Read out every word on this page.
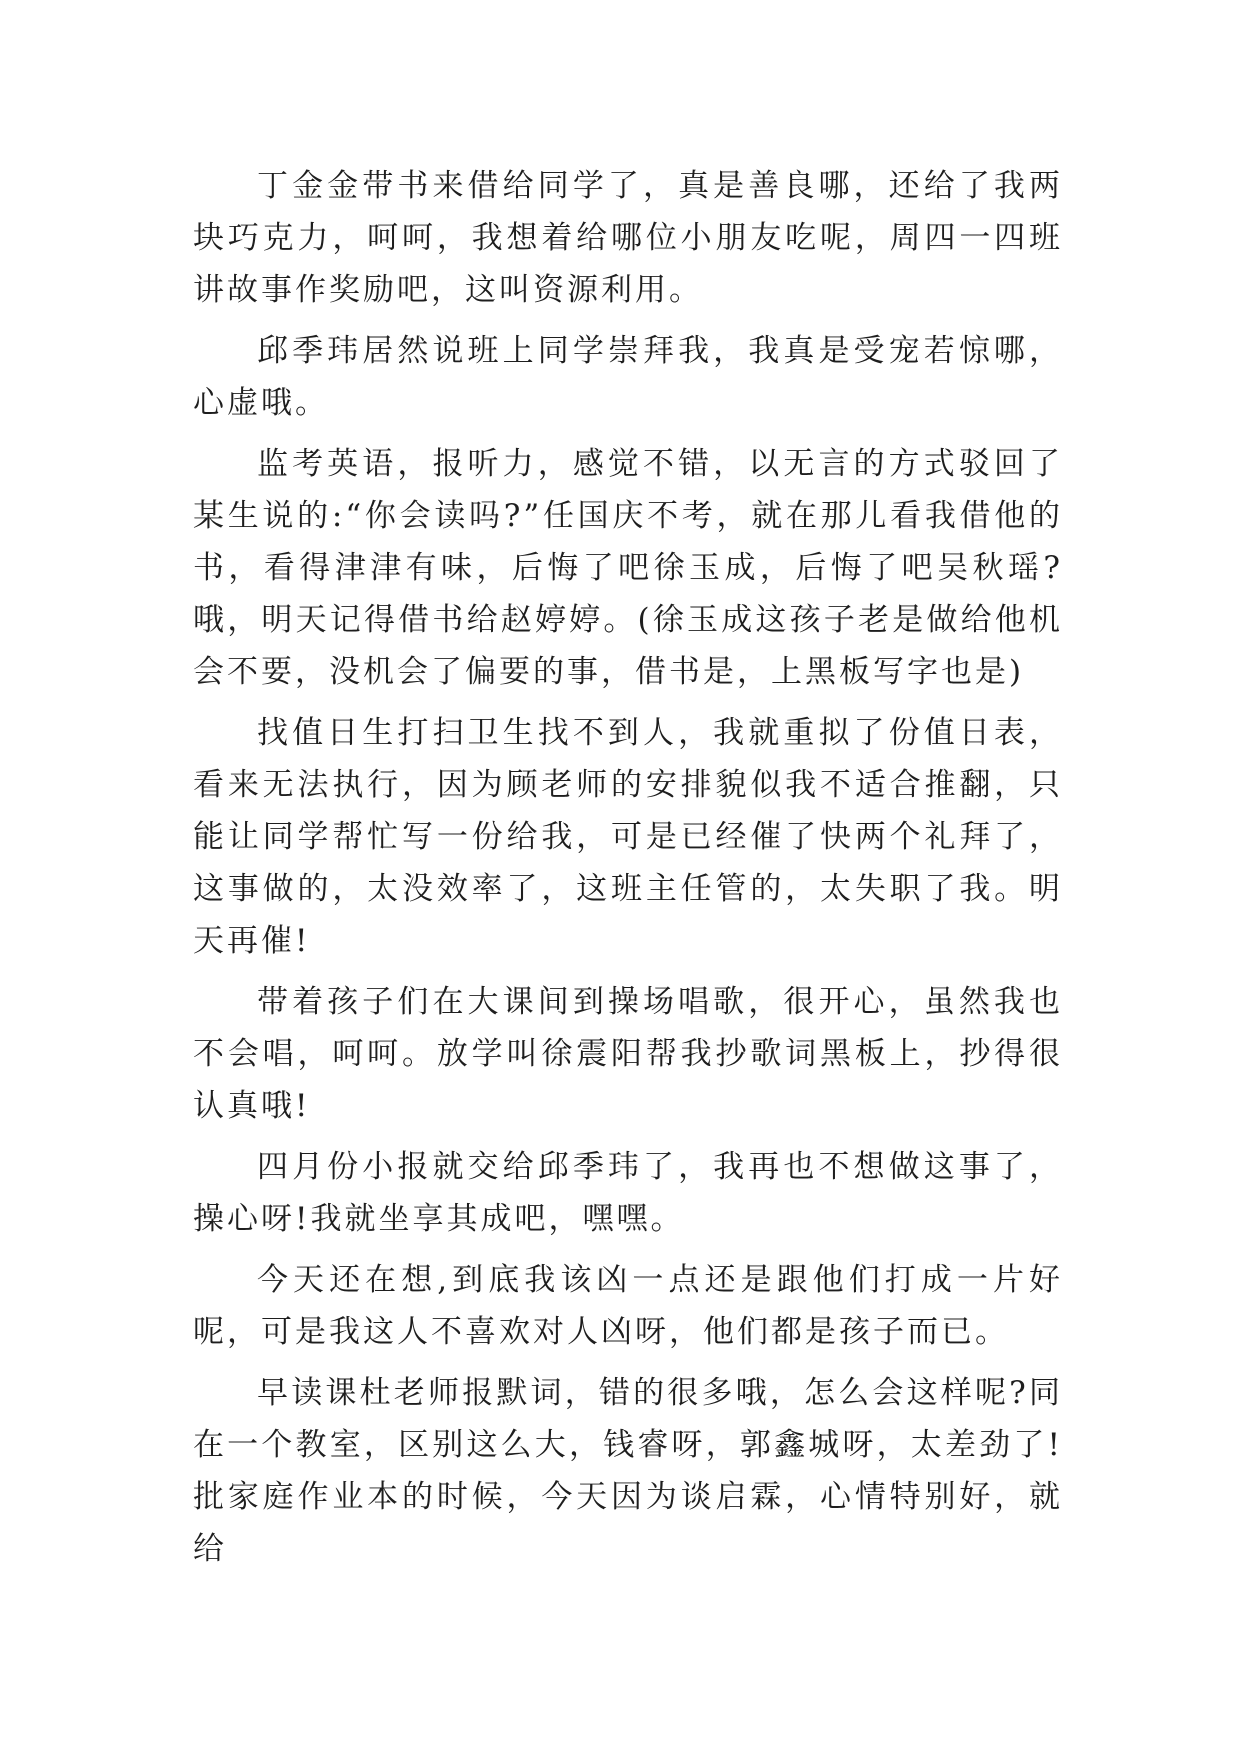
丁金金带书来借给同学了，真是善良哪，还给了我两块巧克力，呵呵，我想着给哪位小朋友吃呢，周四一四班讲故事作奖励吧，这叫资源利用。

邱季玮居然说班上同学崇拜我，我真是受宠若惊哪，心虚哦。

监考英语，报听力，感觉不错，以无言的方式驳回了某生说的:“你会读吗?”任国庆不考，就在那儿看我借他的书，看得津津有味，后悔了吧徐玉成，后悔了吧吴秋瑶?哦，明天记得借书给赵婷婷。(徐玉成这孩子老是做给他机会不要，没机会了偏要的事，借书是，上黑板写字也是)

找值日生打扫卫生找不到人，我就重拟了份值日表，看来无法执行，因为顾老师的安排貌似我不适合推翻，只能让同学帮忙写一份给我，可是已经催了快两个礼拜了，这事做的，太没效率了，这班主任管的，太失职了我。明天再催!

带着孩子们在大课间到操场唱歌，很开心，虽然我也不会唱，呵呵。放学叫徐震阳帮我抄歌词黑板上，抄得很认真哦!

四月份小报就交给邱季玮了，我再也不想做这事了，操心呀!我就坐享其成吧，嘿嘿。

今天还在想,到底我该凶一点还是跟他们打成一片好呢，可是我这人不喜欢对人凶呀，他们都是孩子而已。

早读课杜老师报默词，错的很多哦，怎么会这样呢?同在一个教室，区别这么大，钱睿呀，郭鑫城呀，太差劲了!批家庭作业本的时候，今天因为谈启霖，心情特别好，就给
